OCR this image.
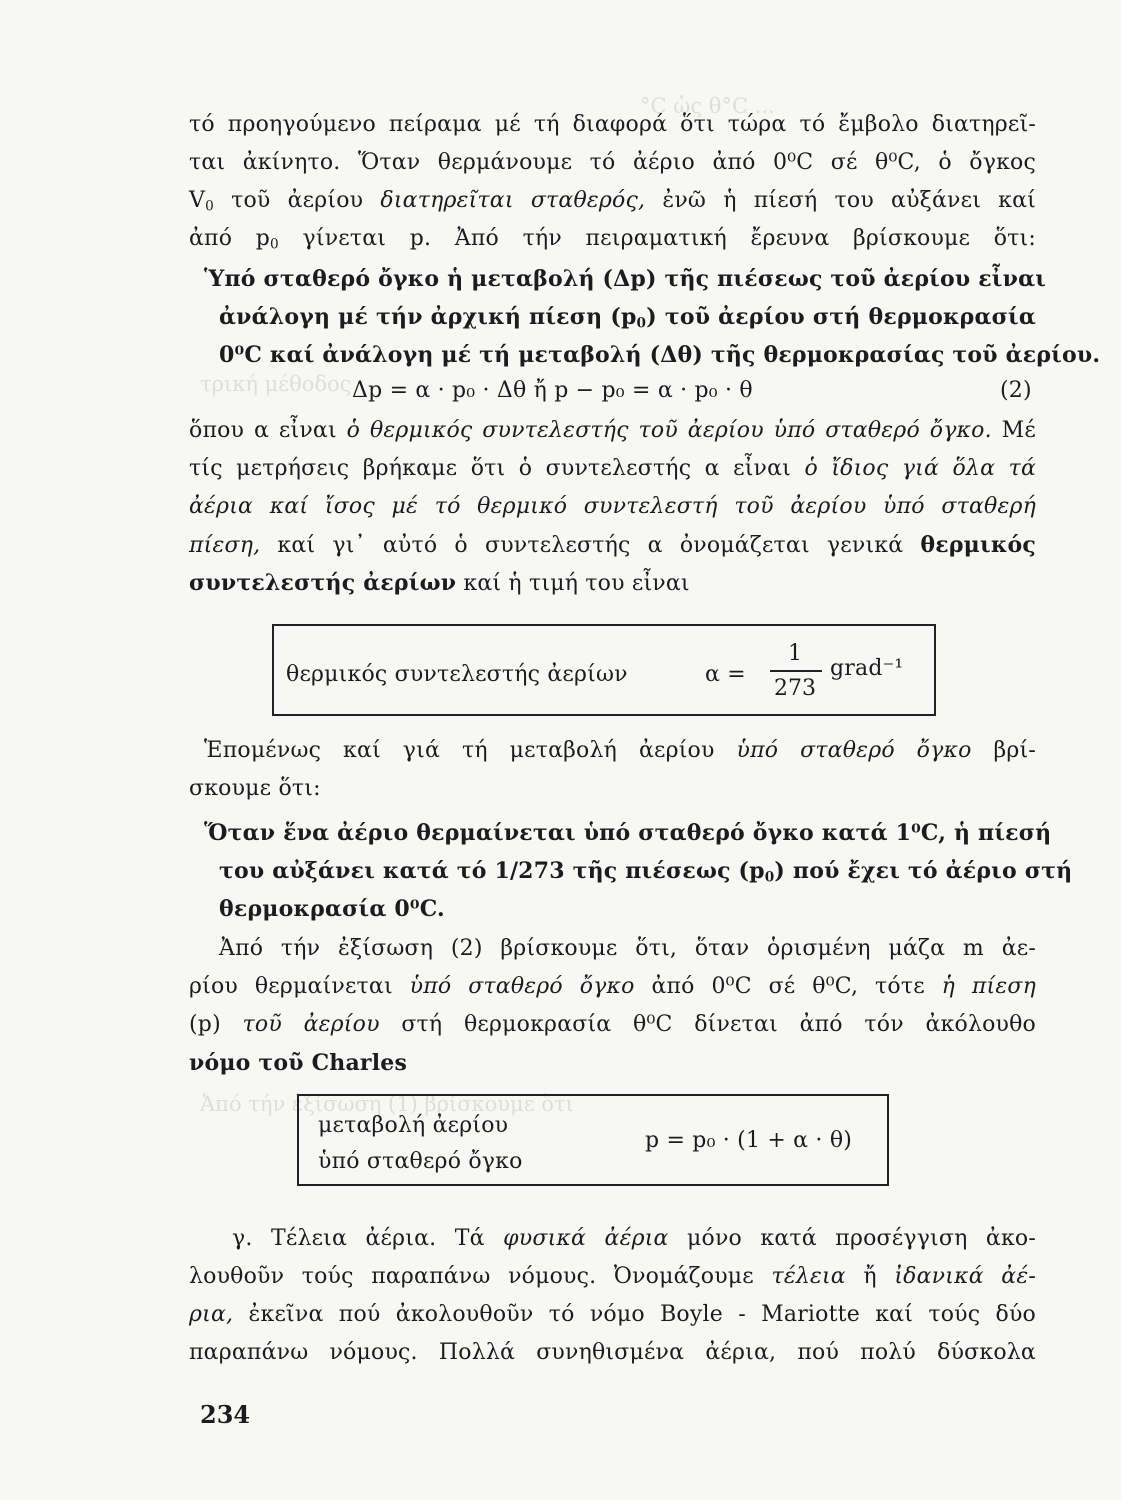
°C ὡς θ°C ...
τρική μέθοδος
Ἀπό τήν ἐξίσωση (1) βρίσκουμε ὅτι
τό προηγούμενο πείραμα μέ τή διαφορά ὅτι τώρα τό ἔμβολο διατηρεῖ-
ται ἀκίνητο. Ὅταν θερμάνουμε τό ἀέριο ἀπό 0⁰C σέ θ⁰C, ὁ ὄγκος
$V_0$ τοῦ ἀερίου διατηρεῖται σταθερός, ἐνῶ ἡ πίεσή του αὐξάνει καί
ἀπό $p_0$ γίνεται p. Ἀπό τήν πειραματική ἔρευνα βρίσκουμε ὅτι:
Ὑπό σταθερό ὄγκο ἡ μεταβολή (Δp) τῆς πιέσεως τοῦ ἀερίου εἶναι
ἀνάλογη μέ τήν ἀρχική πίεση $(p_0)$ τοῦ ἀερίου στή θερμοκρασία
0⁰C καί ἀνάλογη μέ τή μεταβολή (Δθ) τῆς θερμοκρασίας τοῦ ἀερίου.
Δp = α · p₀ · Δθ ἤ p − p₀ = α · p₀ · θ	(2)
ὅπου α εἶναι ὁ θερμικός συντελεστής τοῦ ἀερίου ὑπό σταθερό ὄγκο. Μέ
τίς μετρήσεις βρήκαμε ὅτι ὁ συντελεστής α εἶναι ὁ ἴδιος γιά ὅλα τά
ἀέρια καί ἴσος μέ τό θερμικό συντελεστή τοῦ ἀερίου ὑπό σταθερή
πίεση, καί γι᾽ αὐτό ὁ συντελεστής α ὀνομάζεται γενικά θερμικός
συντελεστής ἀερίων καί ἡ τιμή του εἶναι
θερμικός συντελεστής ἀερίων	α =
1
273
grad⁻¹
Ἑπομένως καί γιά τή μεταβολή ἀερίου ὑπό σταθερό ὄγκο βρί-
σκουμε ὅτι:
Ὅταν ἕνα ἀέριο θερμαίνεται ὑπό σταθερό ὄγκο κατά 1⁰C, ἡ πίεσή
του αὐξάνει κατά τό 1/273 τῆς πιέσεως $(p_0)$ πού ἔχει τό ἀέριο στή
θερμοκρασία 0⁰C.
Ἀπό τήν ἐξίσωση (2) βρίσκουμε ὅτι, ὅταν ὁρισμένη μάζα m ἀε-
ρίου θερμαίνεται ὑπό σταθερό ὄγκο ἀπό 0⁰C σέ θ⁰C, τότε ἡ πίεση
(p) τοῦ ἀερίου στή θερμοκρασία θ⁰C δίνεται ἀπό τόν ἀκόλουθο
νόμο τοῦ Charles
μεταβολή ἀερίου
ὑπό σταθερό ὄγκο
p = p₀ · (1 + α · θ)
γ. Τέλεια ἀέρια. Τά φυσικά ἀέρια μόνο κατά προσέγγιση ἀκο-
λουθοῦν τούς παραπάνω νόμους. Ὀνομάζουμε τέλεια ἤ ἰδανικά ἀέ-
ρια, ἐκεῖνα πού ἀκολουθοῦν τό νόμο Boyle - Mariotte καί τούς δύο
παραπάνω νόμους. Πολλά συνηθισμένα ἀέρια, πού πολύ δύσκολα
234
